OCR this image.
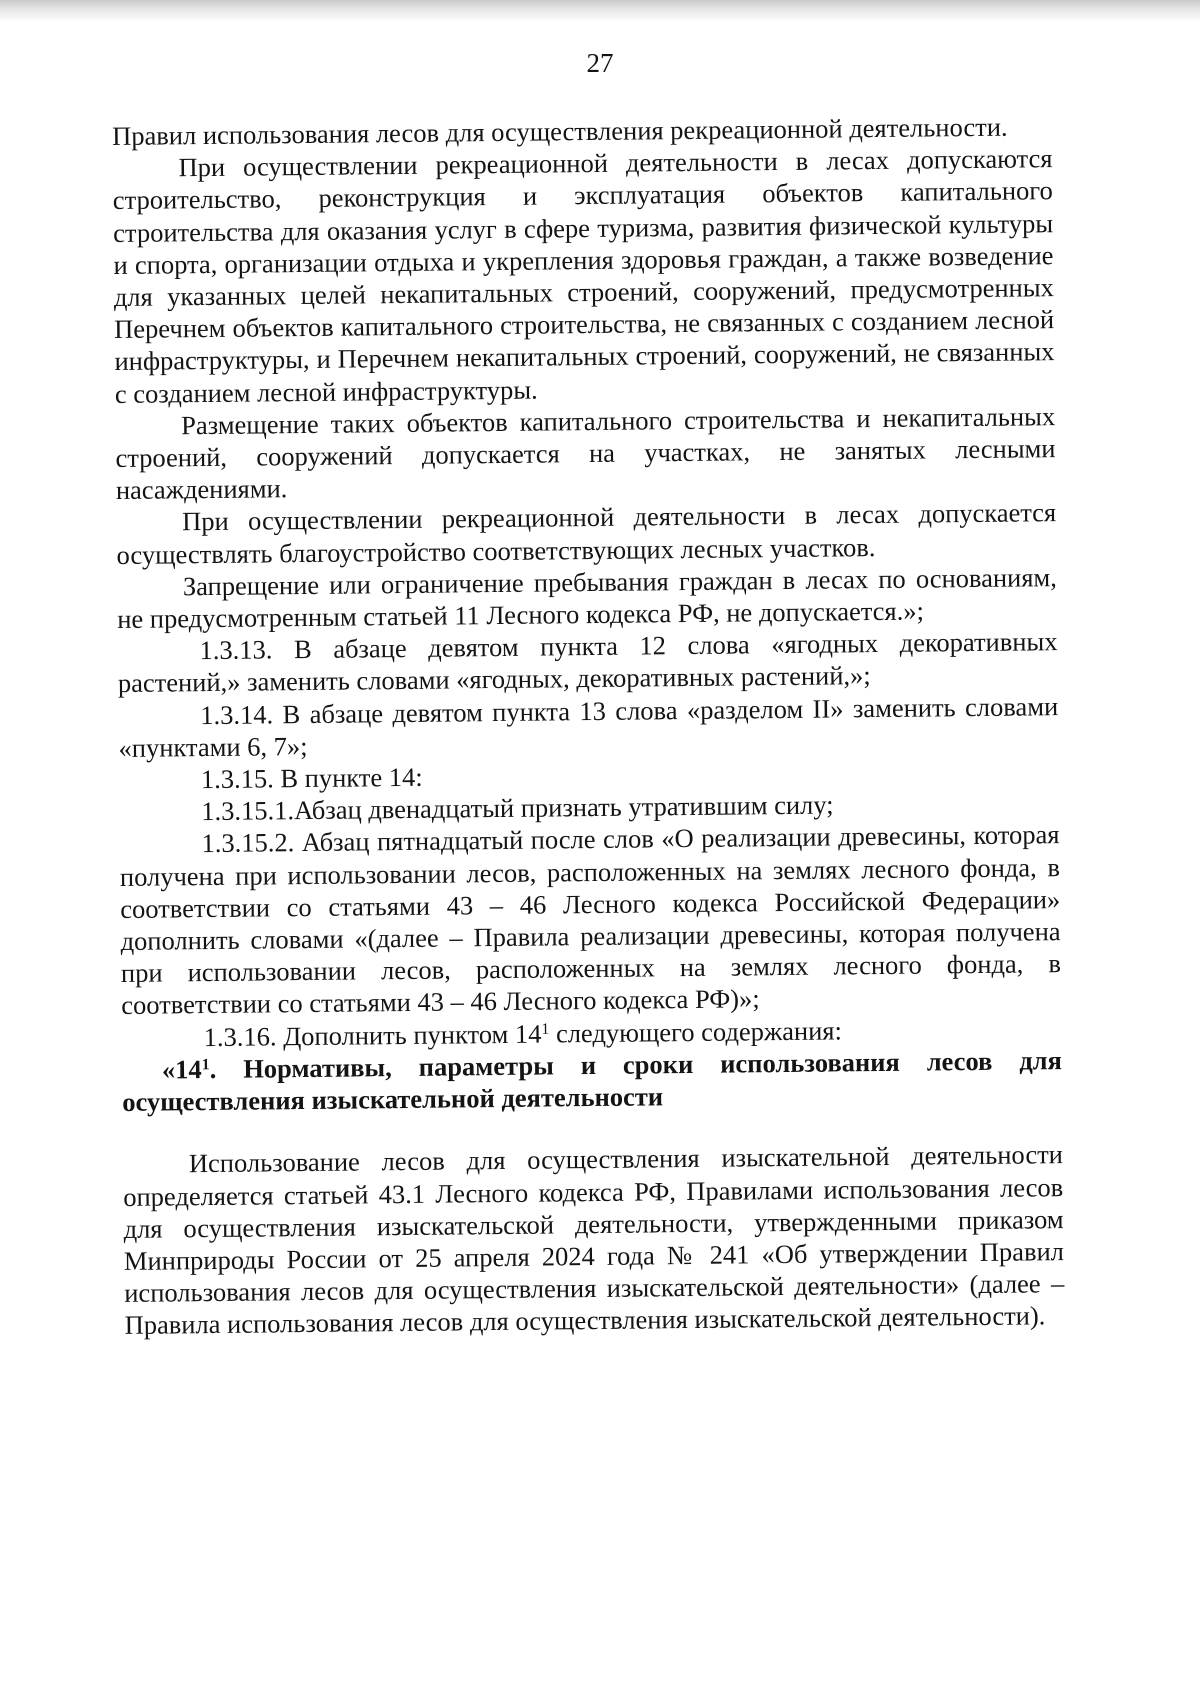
27

Правил использования лесов для осуществления рекреационной деятельности.

При осуществлении рекреационной деятельности в лесах допускаются строительство, реконструкция и эксплуатация объектов капитального строительства для оказания услуг в сфере туризма, развития физической культуры и спорта, организации отдыха и укрепления здоровья граждан, а также возведение для указанных целей некапитальных строений, сооружений, предусмотренных Перечнем объектов капитального строительства, не связанных с созданием лесной инфраструктуры, и Перечнем некапитальных строений, сооружений, не связанных с созданием лесной инфраструктуры.

Размещение таких объектов капитального строительства и некапитальных строений, сооружений допускается на участках, не занятых лесными насаждениями.

При осуществлении рекреационной деятельности в лесах допускается осуществлять благоустройство соответствующих лесных участков.

Запрещение или ограничение пребывания граждан в лесах по основаниям, не предусмотренным статьей 11 Лесного кодекса РФ, не допускается.»;

1.3.13. В абзаце девятом пункта 12 слова «ягодных декоративных растений,» заменить словами «ягодных, декоративных растений,»;

1.3.14. В абзаце девятом пункта 13 слова «разделом II» заменить словами «пунктами 6, 7»;

1.3.15. В пункте 14:

1.3.15.1.Абзац двенадцатый признать утратившим силу;

1.3.15.2. Абзац пятнадцатый после слов «О реализации древесины, которая получена при использовании лесов, расположенных на землях лесного фонда, в соответствии со статьями 43 – 46 Лесного кодекса Российской Федерации» дополнить словами «(далее – Правила реализации древесины, которая получена при использовании лесов, расположенных на землях лесного фонда, в соответствии со статьями 43 – 46 Лесного кодекса РФ)»;

1.3.16. Дополнить пунктом $14^1$ следующего содержания:

«$14^1$. Нормативы, параметры и сроки использования лесов для осуществления изыскательной деятельности

Использование лесов для осуществления изыскательной деятельности определяется статьей 43.1 Лесного кодекса РФ, Правилами использования лесов для осуществления изыскательской деятельности, утвержденными приказом Минприроды России от 25 апреля 2024 года № 241 «Об утверждении Правил использования лесов для осуществления изыскательской деятельности» (далее – Правила использования лесов для осуществления изыскательской деятельности).
